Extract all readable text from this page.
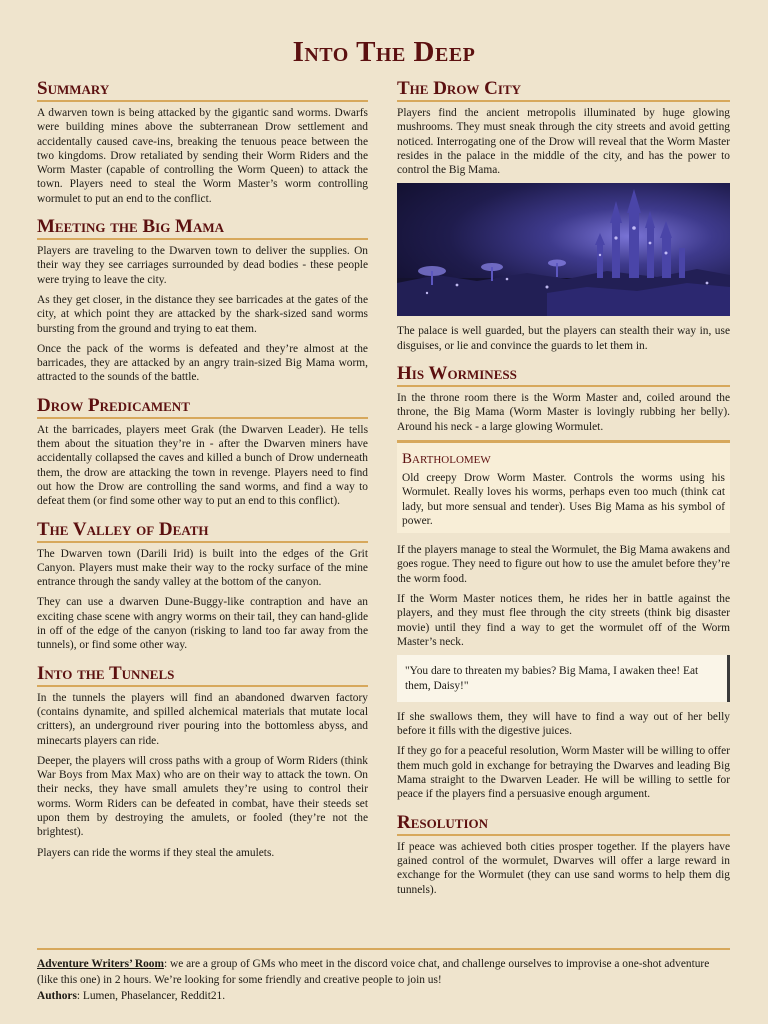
Into The Deep
Summary

A dwarven town is being attacked by the gigantic sand worms. Dwarfs were building mines above the subterranean Drow settlement and accidentally caused cave-ins, breaking the tenuous peace between the two kingdoms. Drow retaliated by sending their Worm Riders and the Worm Master (capable of controlling the Worm Queen) to attack the town. Players need to steal the Worm Master’s worm controlling wormulet to put an end to the conflict.

Meeting the Big Mama

Players are traveling to the Dwarven town to deliver the supplies. On their way they see carriages surrounded by dead bodies - these people were trying to leave the city.

As they get closer, in the distance they see barricades at the gates of the city, at which point they are attacked by the shark-sized sand worms bursting from the ground and trying to eat them.

Once the pack of the worms is defeated and they’re almost at the barricades, they are attacked by an angry train-sized Big Mama worm, attracted to the sounds of the battle.

Drow Predicament

At the barricades, players meet Grak (the Dwarven Leader). He tells them about the situation they’re in - after the Dwarven miners have accidentally collapsed the caves and killed a bunch of Drow underneath them, the drow are attacking the town in revenge. Players need to find out how the Drow are controlling the sand worms, and find a way to defeat them (or find some other way to put an end to this conflict).

The Valley of Death

The Dwarven town (Darili Irid) is built into the edges of the Grit Canyon. Players must make their way to the rocky surface of the mine entrance through the sandy valley at the bottom of the canyon.

They can use a dwarven Dune-Buggy-like contraption and have an exciting chase scene with angry worms on their tail, they can hand-glide in off of the edge of the canyon (risking to land too far away from the tunnels), or find some other way.

Into the Tunnels

In the tunnels the players will find an abandoned dwarven factory (contains dynamite, and spilled alchemical materials that mutate local critters), an underground river pouring into the bottomless abyss, and minecarts players can ride.

Deeper, the players will cross paths with a group of Worm Riders (think War Boys from Max Max) who are on their way to attack the town. On their necks, they have small amulets they’re using to control their worms. Worm Riders can be defeated in combat, have their steeds set upon them by destroying the amulets, or fooled (they’re not the brightest).

Players can ride the worms if they steal the amulets.

The Drow City

Players find the ancient metropolis illuminated by huge glowing mushrooms. They must sneak through the city streets and avoid getting noticed. Interrogating one of the Drow will reveal that the Worm Master resides in the palace in the middle of the city, and has the power to control the Big Mama.

The palace is well guarded, but the players can stealth their way in, use disguises, or lie and convince the guards to let them in.

His Worminess

In the throne room there is the Worm Master and, coiled around the throne, the Big Mama (Worm Master is lovingly rubbing her belly). Around his neck - a large glowing Wormulet.

Bartholomew

Old creepy Drow Worm Master. Controls the worms using his Wormulet. Really loves his worms, perhaps even too much (think cat lady, but more sensual and tender). Uses Big Mama as his symbol of power.

If the players manage to steal the Wormulet, the Big Mama awakens and goes rogue. They need to figure out how to use the amulet before they’re the worm food.

If the Worm Master notices them, he rides her in battle against the players, and they must flee through the city streets (think big disaster movie) until they find a way to get the wormulet off of the Worm Master’s neck.

"You dare to threaten my babies? Big Mama, I awaken thee! Eat them, Daisy!"

If she swallows them, they will have to find a way out of her belly before it fills with the digestive juices.

If they go for a peaceful resolution, Worm Master will be willing to offer them much gold in exchange for betraying the Dwarves and leading Big Mama straight to the Dwarven Leader. He will be willing to settle for peace if the players find a persuasive enough argument.

Resolution

If peace was achieved both cities prosper together. If the players have gained control of the wormulet, Dwarves will offer a large reward in exchange for the Wormulet (they can use sand worms to help them dig tunnels).

Adventure Writers’ Room: we are a group of GMs who meet in the discord voice chat, and challenge ourselves to improvise a one-shot adventure (like this one) in 2 hours. We’re looking for some friendly and creative people to join us!

Authors: Lumen, Phaselancer, Reddit21.
